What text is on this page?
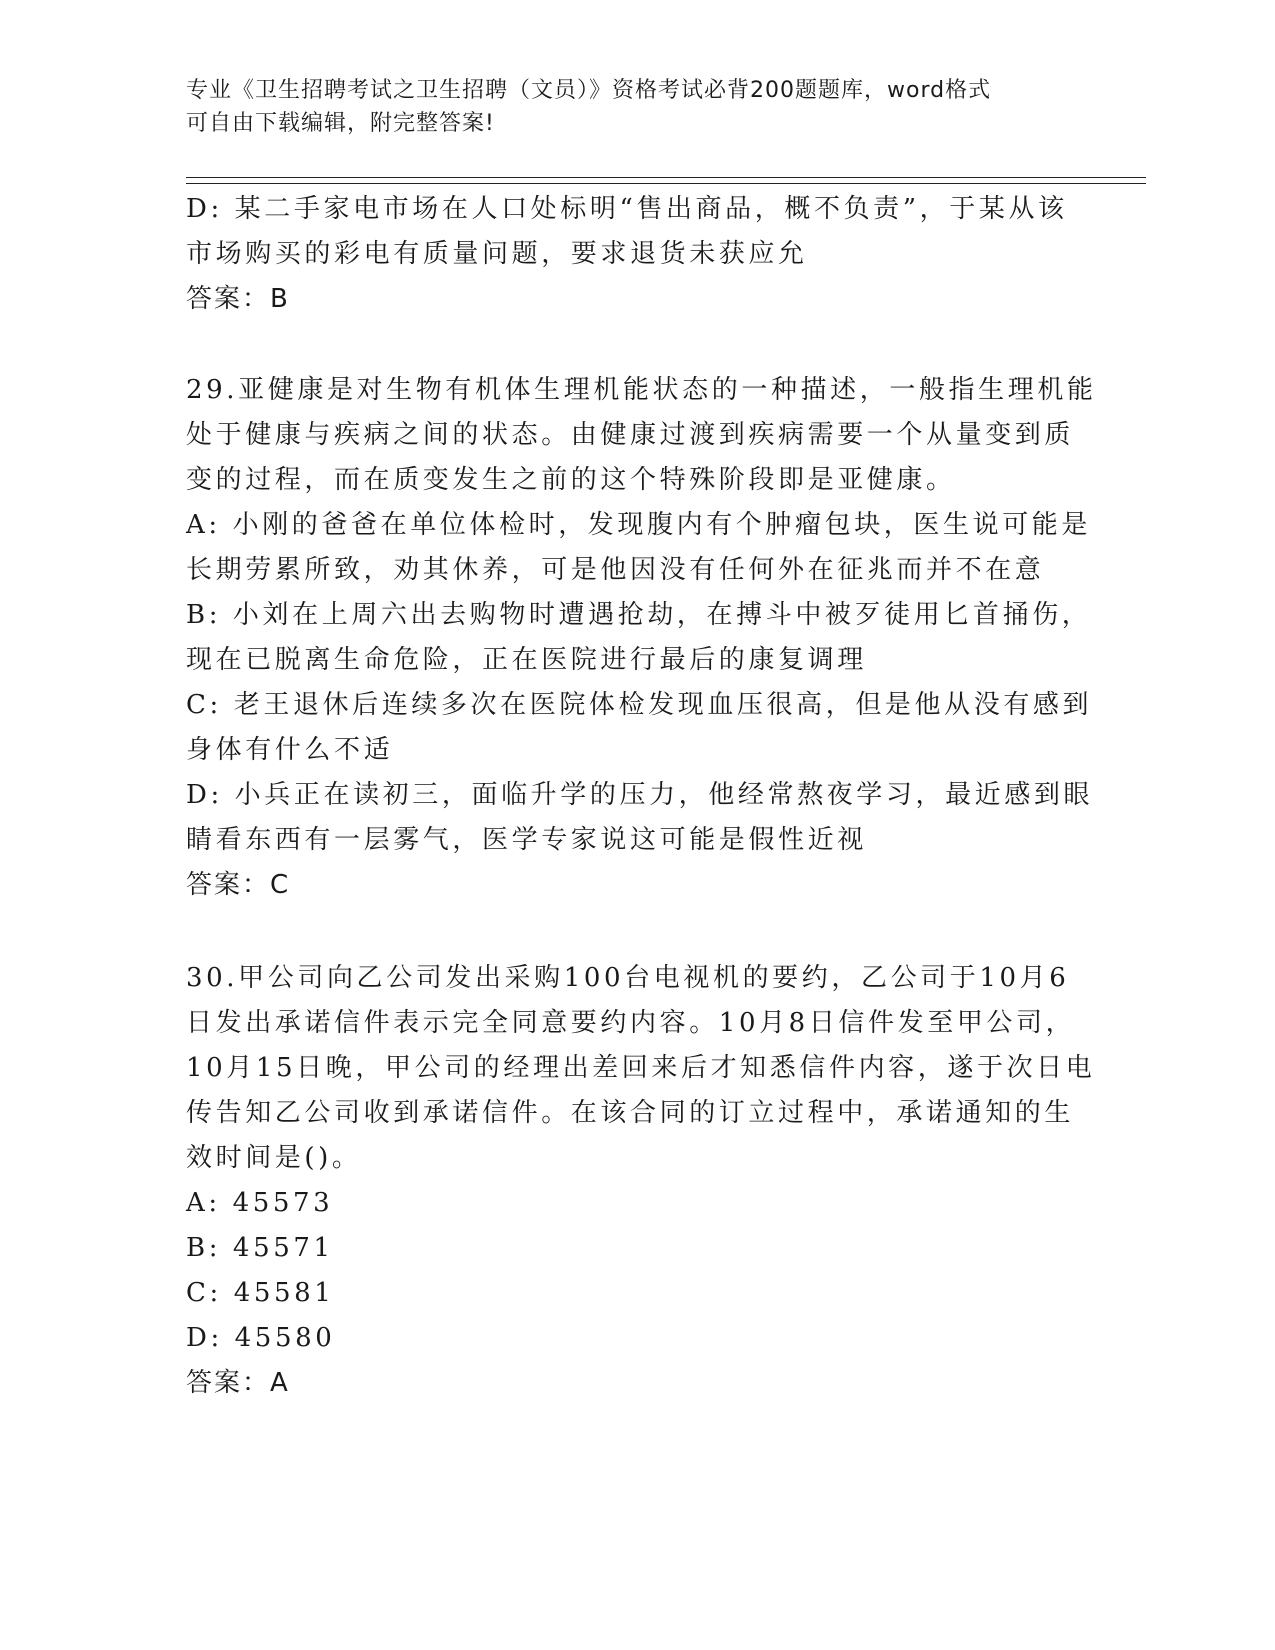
专业《卫生招聘考试之卫生招聘（文员）》资格考试必背200题题库，word格式
可自由下载编辑，附完整答案!
D: 某二手家电市场在人口处标明“售出商品，概不负责”，于某从该
市场购买的彩电有质量问题，要求退货未获应允
答案：B
29.亚健康是对生物有机体生理机能状态的一种描述，一般指生理机能
处于健康与疾病之间的状态。由健康过渡到疾病需要一个从量变到质
变的过程，而在质变发生之前的这个特殊阶段即是亚健康。
A: 小刚的爸爸在单位体检时，发现腹内有个肿瘤包块，医生说可能是
长期劳累所致，劝其休养，可是他因没有任何外在征兆而并不在意
B: 小刘在上周六出去购物时遭遇抢劫，在搏斗中被歹徒用匕首捅伤，
现在已脱离生命危险，正在医院进行最后的康复调理
C: 老王退休后连续多次在医院体检发现血压很高，但是他从没有感到
身体有什么不适
D: 小兵正在读初三，面临升学的压力，他经常熬夜学习，最近感到眼
睛看东西有一层雾气，医学专家说这可能是假性近视
答案：C
30.甲公司向乙公司发出采购100台电视机的要约，乙公司于10月6
日发出承诺信件表示完全同意要约内容。10月8日信件发至甲公司，
10月15日晚，甲公司的经理出差回来后才知悉信件内容，遂于次日电
传告知乙公司收到承诺信件。在该合同的订立过程中，承诺通知的生
效时间是()。
A: 45573
B: 45571
C: 45581
D: 45580
答案：A
